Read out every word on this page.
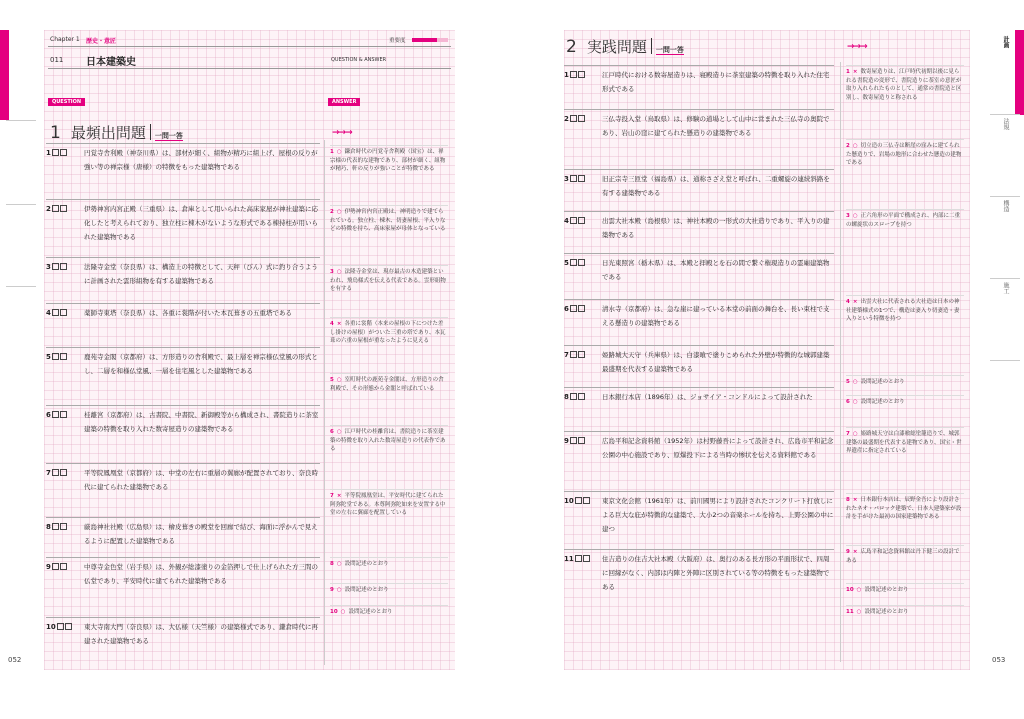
Chapter 1 歴史・意匠	重要度
011 日本建築史	QUESTION & ANSWER
QUESTION	ANSWER
1 最頻出問題 一問一答	→→→
1	円覚寺舎利殿（神奈川県）は、部材が細く、組物が精巧に組上げ、屋根の反りが強い等の禅宗様（唐様）の特徴をもった建築物である
2	伊勢神宮内宮正殿（三重県）は、倉庫として用いられた高床家屋が神社建築に応化したと考えられており、独立柱に棟木がないような形式である棟持柱が用いられた建築物である
3	法隆寺金堂（奈良県）は、構造上の特徴として、天秤（びん）式に釣り合うように計画された雲形組物を有する建築物である
4	薬師寺東塔（奈良県）は、各重に裳階が付いた本瓦葺きの五重塔である
5	鹿苑寺金閣（京都府）は、方形造りの舎利殿で、最上層を禅宗様仏堂風の形式とし、二層を和様仏堂風、一層を住宅風とした建築物である
6	桂離宮（京都府）は、古書院、中書院、新御殿等から構成され、書院造りに茶室建築の特徴を取り入れた数寄屋造りの建築物である
7	平等院鳳凰堂（京都府）は、中堂の左右に重層の翼廊が配置されており、奈良時代に建てられた建築物である
8	厳島神社社殿（広島県）は、檜皮葺きの殿堂を回廊で結び、海面に浮かんで見えるように配置した建築物である
9	中尊寺金色堂（岩手県）は、外観が総漆塗りの金箔押しで仕上げられた方三間の仏堂であり、平安時代に建てられた建築物である
10	東大寺南大門（奈良県）は、大仏様（天竺様）の建築様式であり、鎌倉時代に再建された建築物である
1 ○ 鎌倉時代の円覚寺舎利殿（国宝）は、禅宗様の代表的な建物であり、部材が細く、組物が精巧、軒の反りが強いことが特徴である
2 ○ 伊勢神宮内宮正殿は、神明造りで建てられている。独立柱、棟木、切妻屋根、平入りなどの特徴を持ち、高床家屋が母体となっている
3 ○ 法隆寺金堂は、現存最古の木造建築といわれ、飛鳥様式を伝える代表である。雲形組物を有する
4 × 各重に裳階（本来の屋根の下につけた差し掛けの屋根）がついた三重の塔であり、本瓦葺の六重の屋根が重なったように見える
5 ○ 室町時代の鹿苑寺金閣は、方形造りの舎利殿で、その形態から金閣と呼ばれている
6 ○ 江戸時代の桂離宮は、書院造りに茶室建築の特徴を取り入れた数寄屋造りの代表作である
7 × 平等院鳳凰堂は、平安時代に建てられた阿弥陀堂である。本尊阿弥陀如来を安置する中堂の左右に翼廊を配置している
8 ○ 設問記述のとおり
9 ○ 設問記述のとおり
10 ○ 設問記述のとおり
052
2 実践問題 一問一答	→→→
1	江戸時代における数寄屋造りは、寝殿造りに茶室建築の特徴を取り入れた住宅形式である
2	三仏寺投入堂（鳥取県）は、修験の道場として山中に営まれた三仏寺の奥院であり、岩山の窪に建てられた懸造りの建築物である
3	旧正宗寺三匝堂（福島県）は、通称さざえ堂と呼ばれ、二重螺旋の連続斜路を有する建築物である
4	出雲大社本殿（島根県）は、神社本殿の一形式の大社造りであり、平入りの建築物である
5	日光東照宮（栃木県）は、本殿と拝殿とを石の間で繋ぐ権現造りの霊廟建築物である
6	清水寺（京都府）は、急な崖に建っている本堂の前面の舞台を、長い束柱で支える懸造りの建築物である
7	姫路城大天守（兵庫県）は、白漆喰で塗りこめられた外壁が特徴的な城郭建築最盛期を代表する建築物である
8	日本銀行本店（1896年）は、ジョサイア・コンドルによって設計された
9	広島平和記念資料館（1952年）は村野藤吾によって設計され、広島市平和記念公園の中心施設であり、原爆投下による当時の惨状を伝える資料館である
10	東京文化会館（1961年）は、前川國男により設計されたコンクリート打放しによる巨大な庇が特徴的な建築で、大小2つの音楽ホールを持ち、上野公園の中に建つ
11	住吉造りの住吉大社本殿（大阪府）は、奥行のある長方形の平面形状で、四周に回縁がなく、内部は内陣と外陣に区別されている等の特徴をもった建築物である
1 × 数寄屋造りは、江戸時代初期以後に見られる書院造の変形で、書院造りに茶室の意匠が取り入れられたものとして、通常の書院造と区別し、数寄屋造りと称される
2 ○ 切立造の三仏寺は断崖の窪みに建てられた懸造りで、岩場の地形に合わせた懸造の建物である
3 ○ 正六角形の平面で構成され、内部に二重の螺旋状のスロープを持つ
4 × 出雲大社に代表される大社造は日本の神社建築様式の1つで、構造は妻入り切妻造・妻入りという特徴を持つ
5 ○ 設問記述のとおり
6 ○ 設問記述のとおり
7 ○ 姫路城天守は白漆喰総塗籠造りで、城郭建築の最盛期を代表する建物であり、国宝・世界遺産に指定されている
8 × 日本銀行本店は、辰野金吾により設計されたネオ・バロック建築で、日本人建築家が設計を手がけた最初の国家建築物である
9 × 広島平和記念資料館は丹下健三の設計である
10 ○ 設問記述のとおり
11 ○ 設問記述のとおり
053
計画
法規
構造
施工
